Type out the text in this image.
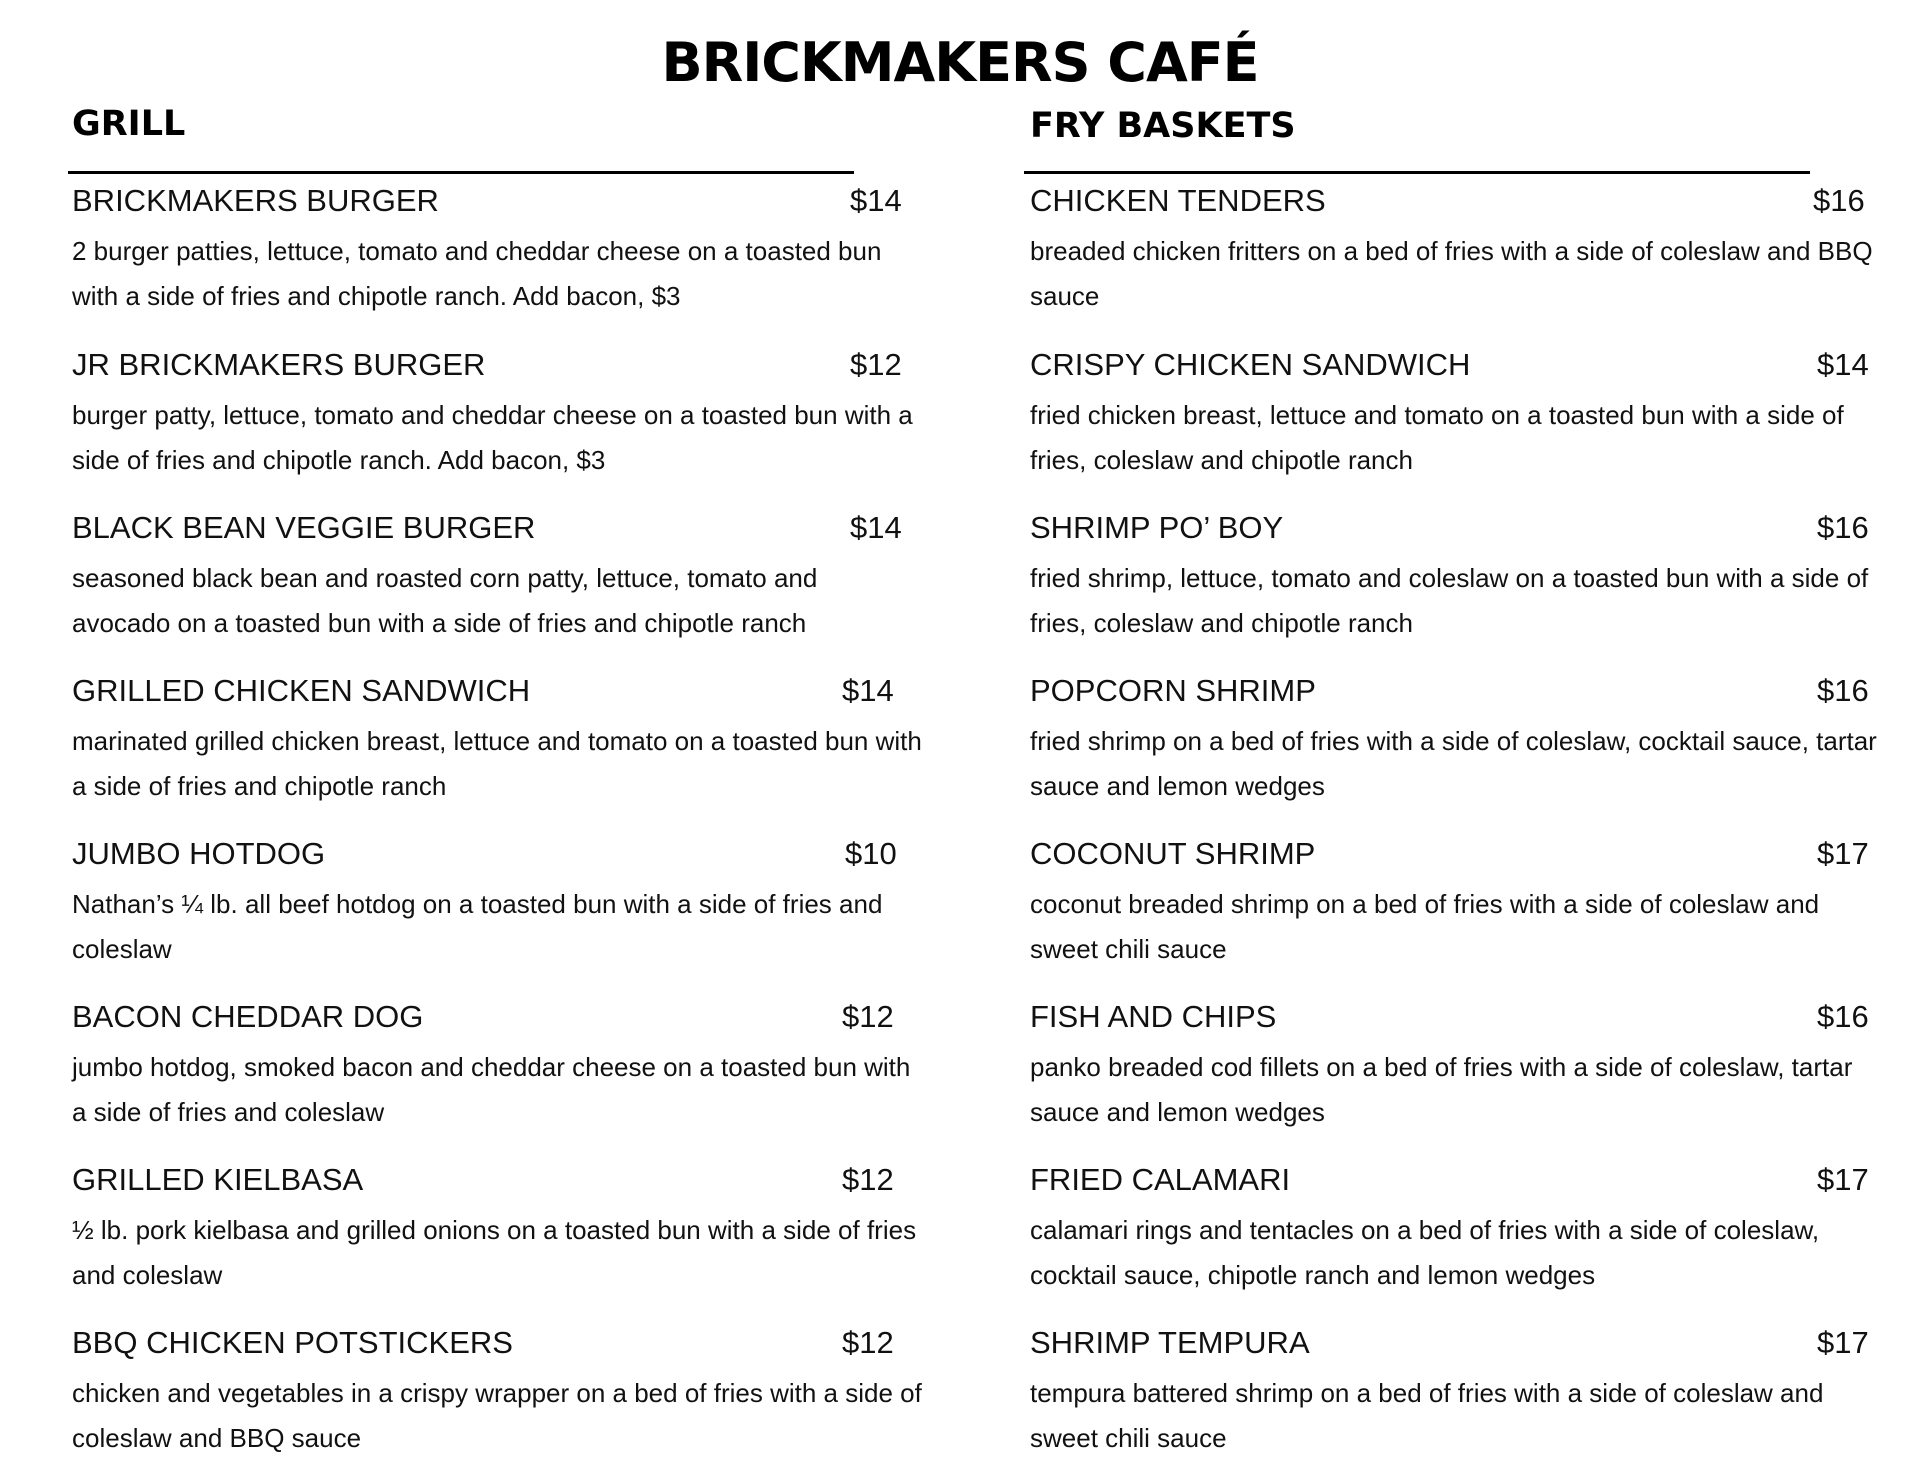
BRICKMAKERS CAFÉ
GRILL
BRICKMAKERS BURGER	$14

2 burger patties, lettuce, tomato and cheddar cheese on a toasted bun with a side of fries and chipotle ranch. Add bacon, $3

JR BRICKMAKERS BURGER	$12

burger patty, lettuce, tomato and cheddar cheese on a toasted bun with a side of fries and chipotle ranch. Add bacon, $3

BLACK BEAN VEGGIE BURGER	$14

seasoned black bean and roasted corn patty, lettuce, tomato and avocado on a toasted bun with a side of fries and chipotle ranch

GRILLED CHICKEN SANDWICH	$14

marinated grilled chicken breast, lettuce and tomato on a toasted bun with a side of fries and chipotle ranch

JUMBO HOTDOG	$10

Nathan’s ¼ lb. all beef hotdog on a toasted bun with a side of fries and coleslaw

BACON CHEDDAR DOG	$12

jumbo hotdog, smoked bacon and cheddar cheese on a toasted bun with a side of fries and coleslaw

GRILLED KIELBASA	$12

½ lb. pork kielbasa and grilled onions on a toasted bun with a side of fries and coleslaw

BBQ CHICKEN POTSTICKERS	$12

chicken and vegetables in a crispy wrapper on a bed of fries with a side of coleslaw and BBQ sauce

FRY BASKETS
CHICKEN TENDERS	$16

breaded chicken fritters on a bed of fries with a side of coleslaw and BBQ sauce

CRISPY CHICKEN SANDWICH	$14

fried chicken breast, lettuce and tomato on a toasted bun with a side of fries, coleslaw and chipotle ranch

SHRIMP PO’ BOY	$16

fried shrimp, lettuce, tomato and coleslaw on a toasted bun with a side of fries, coleslaw and chipotle ranch

POPCORN SHRIMP	$16

fried shrimp on a bed of fries with a side of coleslaw, cocktail sauce, tartar sauce and lemon wedges

COCONUT SHRIMP	$17

coconut breaded shrimp on a bed of fries with a side of coleslaw and sweet chili sauce

FISH AND CHIPS	$16

panko breaded cod fillets on a bed of fries with a side of coleslaw, tartar sauce and lemon wedges

FRIED CALAMARI	$17

calamari rings and tentacles on a bed of fries with a side of coleslaw, cocktail sauce, chipotle ranch and lemon wedges

SHRIMP TEMPURA	$17

tempura battered shrimp on a bed of fries with a side of coleslaw and sweet chili sauce
